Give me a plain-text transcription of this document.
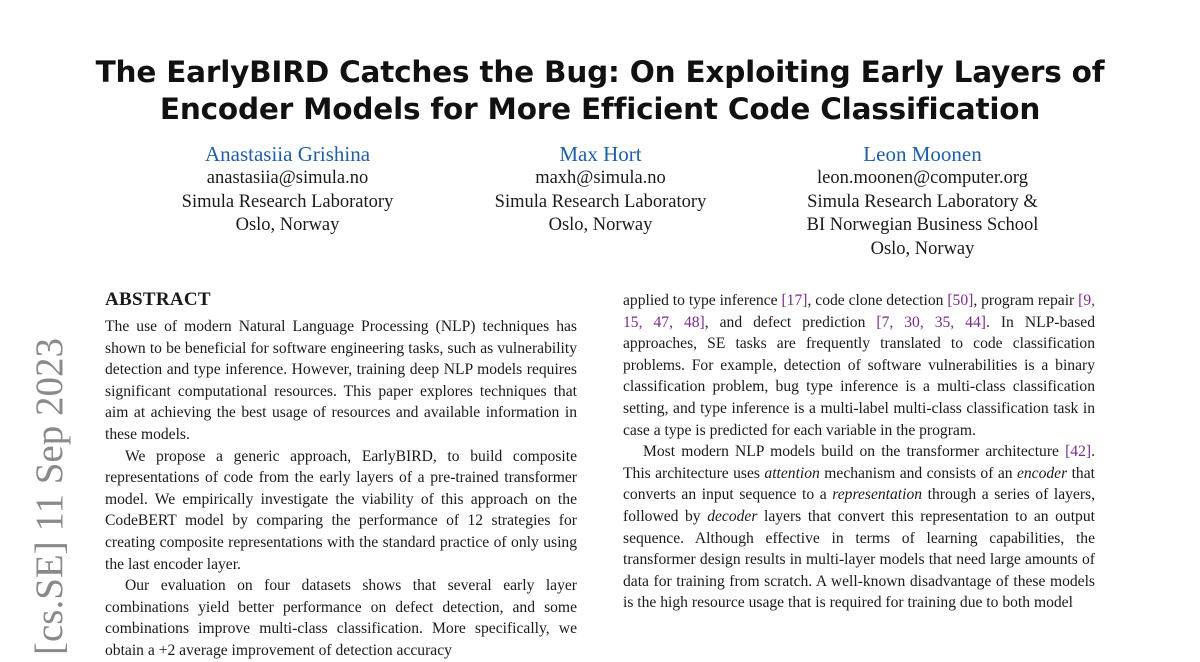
[cs.SE] 11 Sep 2023
The EarlyBIRD Catches the Bug: On Exploiting Early Layers of
Encoder Models for More Efficient Code Classification
Anastasiia Grishina
anastasiia@simula.no
Simula Research Laboratory
Oslo, Norway
Max Hort
maxh@simula.no
Simula Research Laboratory
Oslo, Norway
Leon Moonen
leon.moonen@computer.org
Simula Research Laboratory &
BI Norwegian Business School
Oslo, Norway
ABSTRACT

The use of modern Natural Language Processing (NLP) techniques has shown to be beneficial for software engineering tasks, such as vulnerability detection and type inference. However, training deep NLP models requires significant computational resources. This paper explores techniques that aim at achieving the best usage of resources and available information in these models.

We propose a generic approach, EarlyBIRD, to build composite representations of code from the early layers of a pre-trained transformer model. We empirically investigate the viability of this approach on the CodeBERT model by comparing the performance of 12 strategies for creating composite representations with the standard practice of only using the last encoder layer.

Our evaluation on four datasets shows that several early layer combinations yield better performance on defect detection, and some combinations improve multi-class classification. More specifically, we obtain a +2 average improvement of detection accuracy

applied to type inference [17], code clone detection [50], program repair [9, 15, 47, 48], and defect prediction [7, 30, 35, 44]. In NLP-based approaches, SE tasks are frequently translated to code classification problems. For example, detection of software vulnerabilities is a binary classification problem, bug type inference is a multi-class classification setting, and type inference is a multi-label multi-class classification task in case a type is predicted for each variable in the program.

Most modern NLP models build on the transformer architecture [42]. This architecture uses attention mechanism and consists of an encoder that converts an input sequence to a representation through a series of layers, followed by decoder layers that convert this representation to an output sequence. Although effective in terms of learning capabilities, the transformer design results in multi-layer models that need large amounts of data for training from scratch. A well-known disadvantage of these models is the high resource usage that is required for training due to both model
